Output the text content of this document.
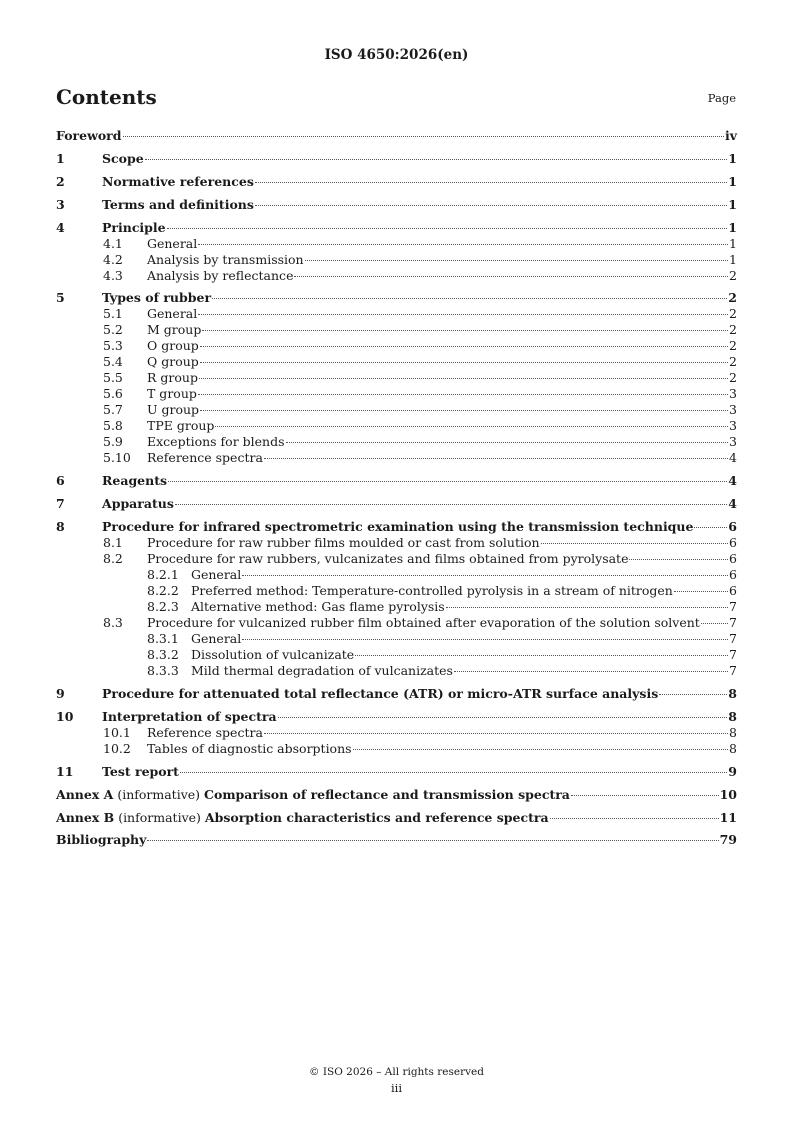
ISO 4650:2026(en)
Contents	Page
Foreword	iv
1	Scope	1
2	Normative references	1
3	Terms and definitions	1
4	Principle	1
4.1 General	1
4.2 Analysis by transmission	1
4.3 Analysis by reflectance	2
5	Types of rubber	2
5.1 General	2
5.2 M group	2
5.3 O group	2
5.4 Q group	2
5.5 R group	2
5.6 T group	3
5.7 U group	3
5.8 TPE group	3
5.9 Exceptions for blends	3
5.10 Reference spectra	4
6	Reagents	4
7	Apparatus	4
8	Procedure for infrared spectrometric examination using the transmission technique	6
8.1 Procedure for raw rubber films moulded or cast from solution	6
8.2 Procedure for raw rubbers, vulcanizates and films obtained from pyrolysate	6
8.2.1 General	6
8.2.2 Preferred method: Temperature-controlled pyrolysis in a stream of nitrogen	6
8.2.3 Alternative method: Gas flame pyrolysis	7
8.3 Procedure for vulcanized rubber film obtained after evaporation of the solution solvent 7
8.3.1 General	7
8.3.2 Dissolution of vulcanizate	7
8.3.3 Mild thermal degradation of vulcanizates	7
9	Procedure for attenuated total reflectance (ATR) or micro-ATR surface analysis	8
10 Interpretation of spectra	8
10.1 Reference spectra	8
10.2 Tables of diagnostic absorptions	8
11 Test report	9
Annex A (informative) Comparison of reflectance and transmission spectra	10
Annex B (informative) Absorption characteristics and reference spectra	11
Bibliography	79
© ISO 2026 – All rights reserved
iii
